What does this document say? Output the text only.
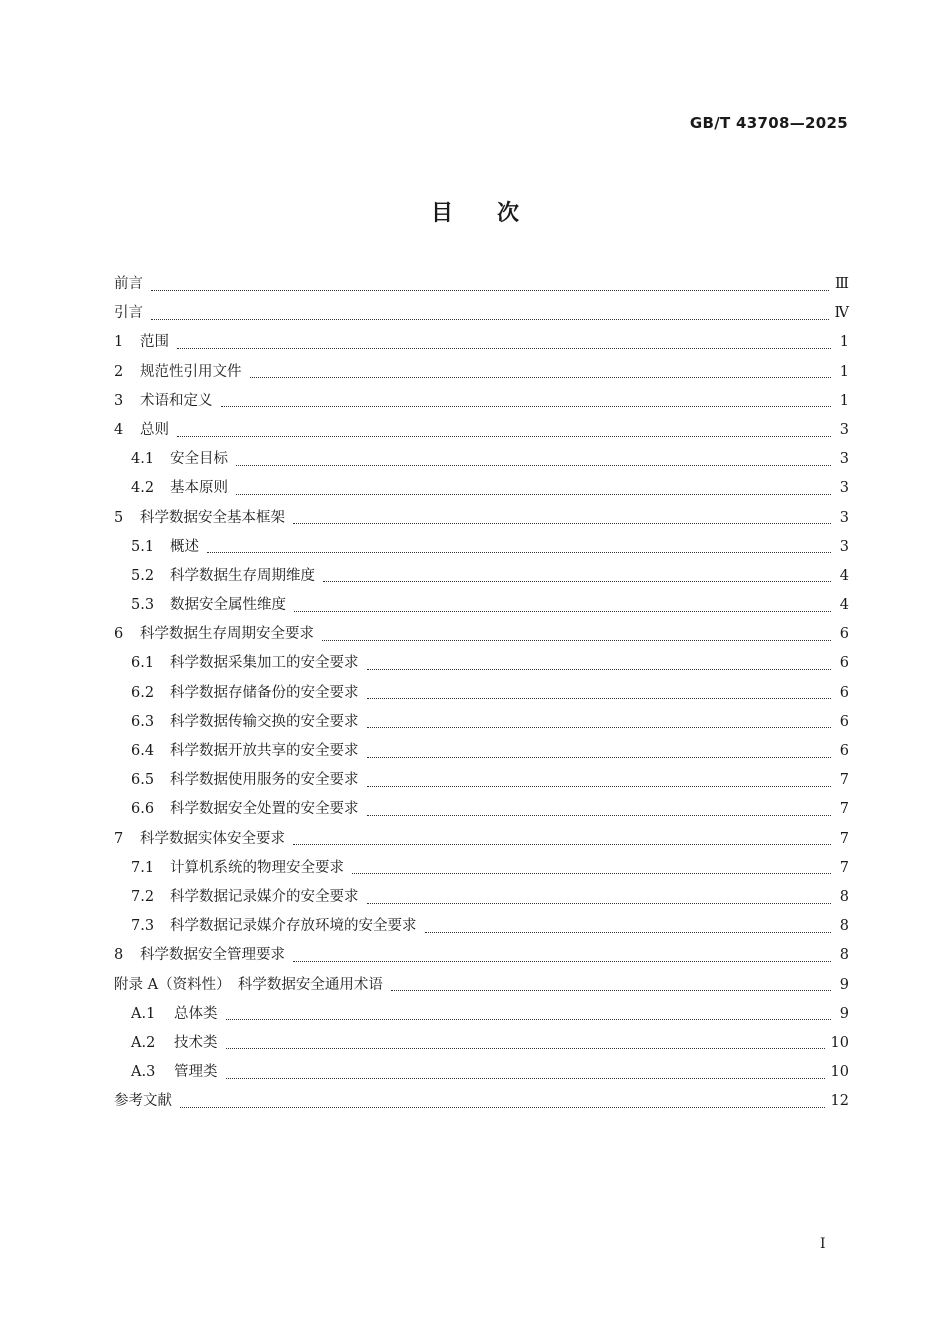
GB/T 43708—2025
目　　次
前言	Ⅲ
引言	Ⅳ
1 范围	1
2 规范性引用文件	1
3 术语和定义	1
4 总则	3
4.1 安全目标	3
4.2 基本原则	3
5 科学数据安全基本框架	3
5.1 概述	3
5.2 科学数据生存周期维度	4
5.3 数据安全属性维度	4
6 科学数据生存周期安全要求	6
6.1 科学数据采集加工的安全要求	6
6.2 科学数据存储备份的安全要求	6
6.3 科学数据传输交换的安全要求	6
6.4 科学数据开放共享的安全要求	6
6.5 科学数据使用服务的安全要求	7
6.6 科学数据安全处置的安全要求	7
7 科学数据实体安全要求	7
7.1 计算机系统的物理安全要求	7
7.2 科学数据记录媒介的安全要求	8
7.3 科学数据记录媒介存放环境的安全要求	8
8 科学数据安全管理要求	8
附录 A（资料性）　科学数据安全通用术语	9
A.1 总体类	9
A.2 技术类	10
A.3 管理类	10
参考文献	12
I
